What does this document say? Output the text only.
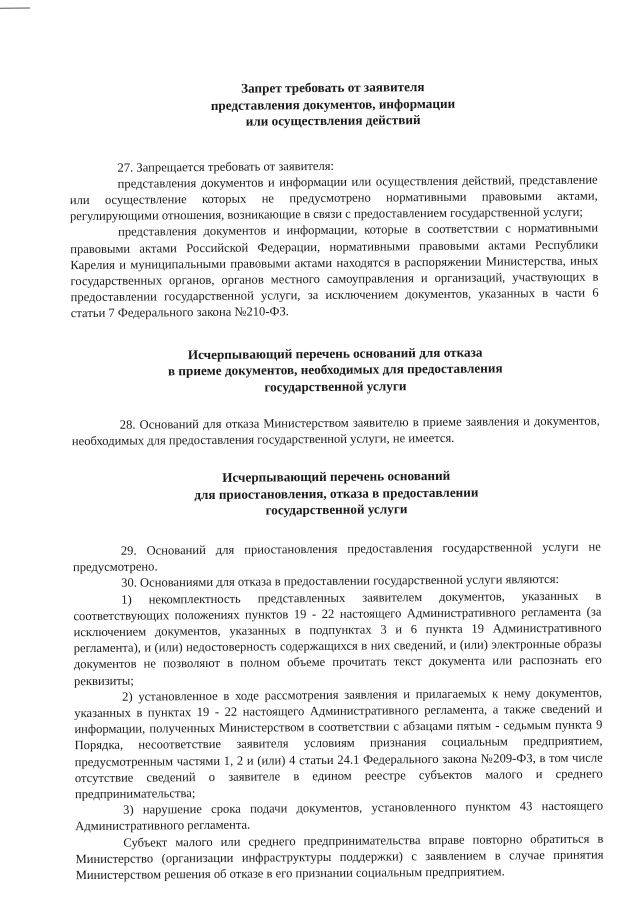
Запрет требовать от заявителя
представления документов, информации
или осуществления действий

27. Запрещается требовать от заявителя:

представления документов и информации или осуществления действий, представление или осуществление которых не предусмотрено нормативными правовыми актами, регулирующими отношения, возникающие в связи с предоставлением государственной услуги;

представления документов и информации, которые в соответствии с нормативными правовыми актами Российской Федерации, нормативными правовыми актами Республики Карелия и муниципальными правовыми актами находятся в распоряжении Министерства, иных государственных органов, органов местного самоуправления и организаций, участвующих в предоставлении государственной услуги, за исключением документов, указанных в части 6 статьи 7 Федерального закона №210-ФЗ.

Исчерпывающий перечень оснований для отказа
в приеме документов, необходимых для предоставления
государственной услуги

28. Оснований для отказа Министерством заявителю в приеме заявления и документов, необходимых для предоставления государственной услуги, не имеется.

Исчерпывающий перечень оснований
для приостановления, отказа в предоставлении
государственной услуги

29. Оснований для приостановления предоставления государственной услуги не предусмотрено.

30. Основаниями для отказа в предоставлении государственной услуги являются:

1) некомплектность представленных заявителем документов, указанных в соответствующих положениях пунктов 19 - 22 настоящего Административного регламента (за исключением документов, указанных в подпунктах 3 и 6 пункта 19 Административного регламента), и (или) недостоверность содержащихся в них сведений, и (или) электронные образы документов не позволяют в полном объеме прочитать текст документа или распознать его реквизиты;

2) установленное в ходе рассмотрения заявления и прилагаемых к нему документов, указанных в пунктах 19 - 22 настоящего Административного регламента, а также сведений и информации, полученных Министерством в соответствии с абзацами пятым - седьмым пункта 9 Порядка, несоответствие заявителя условиям признания социальным предприятием, предусмотренным частями 1, 2 и (или) 4 статьи 24.1 Федерального закона №209-ФЗ, в том числе отсутствие сведений о заявителе в едином реестре субъектов малого и среднего предпринимательства;

3) нарушение срока подачи документов, установленного пунктом 43 настоящего Административного регламента.

Субъект малого или среднего предпринимательства вправе повторно обратиться в Министерство (организации инфраструктуры поддержки) с заявлением в случае принятия Министерством решения об отказе в его признании социальным предприятием.
